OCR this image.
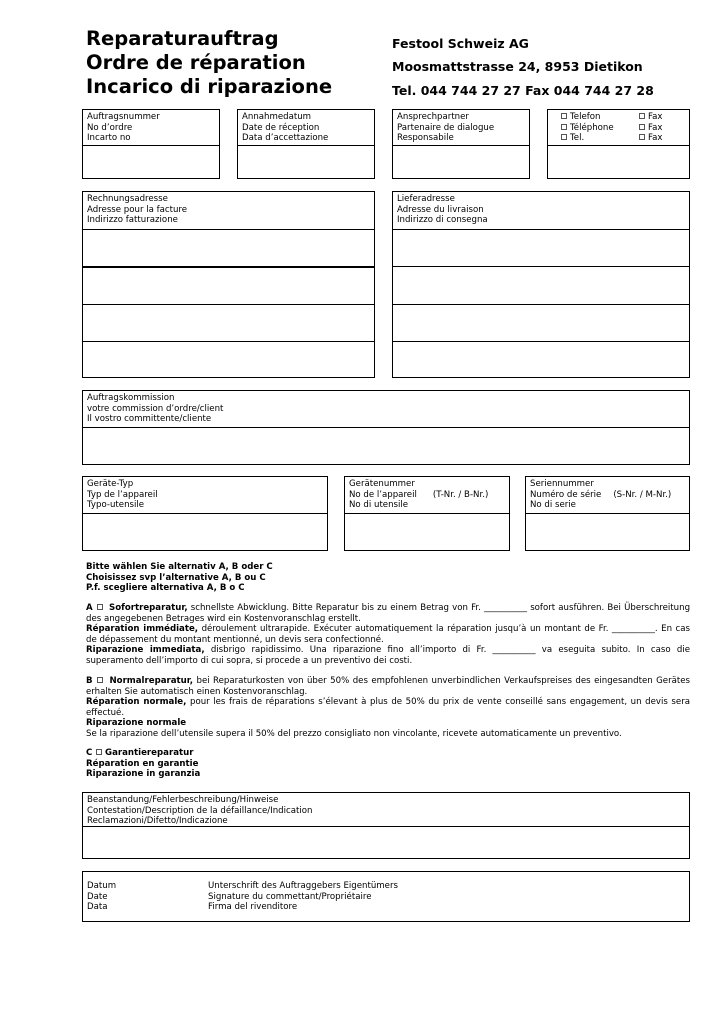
Reparaturauftrag
Ordre de réparation
Incarico di riparazione
Festool Schweiz AG
Moosmattstrasse 24, 8953 Dietikon
Tel. 044 744 27 27 Fax 044 744 27 28
Auftragsnummer
No d’ordre
Incarto no
Annahmedatum
Date de réception
Data d’accettazione
Ansprechpartner
Partenaire de dialogue
Responsabile
Telefon
Téléphone
Tel.
Fax
Fax
Fax
Rechnungsadresse
Adresse pour la facture
Indirizzo fatturazione
Lieferadresse
Adresse du livraison
Indirizzo di consegna
Auftragskommission
votre commission d’ordre/client
Il vostro committente/cliente
Geräte-Typ
Typ de l’appareil
Typo-utensile
Gerätenummer
No de l’appareil (T-Nr. / B-Nr.)
No di utensile
Seriennummer
Numéro de série (S-Nr. / M-Nr.)
No di serie
Bitte wählen Sie alternativ A, B oder C
Choisissez svp l’alternative A, B ou C
P.f. scegliere alternativa A, B o C
A Sofortreparatur, schnellste Abwicklung. Bitte Reparatur bis zu einem Betrag von Fr. __________ sofort ausführen. Bei Überschreitung des angegebenen Betrages wird ein Kostenvoranschlag erstellt.
Réparation immédiate, déroulement ultrarapide. Exécuter automatiquement la réparation jusqu’à un montant de Fr. __________. En cas de dépassement du montant mentionné, un devis sera confectionné.
Riparazione immediata, disbrigo rapidissimo. Una riparazione fino all’importo di Fr. __________ va eseguita subito. In caso die superamento dell’importo di cui sopra, si procede a un preventivo dei costi.
B Normalreparatur, bei Reparaturkosten von über 50% des empfohlenen unverbindlichen Verkaufspreises des eingesandten Gerätes erhalten Sie automatisch einen Kostenvoranschlag.
Réparation normale, pour les frais de réparations s’élevant à plus de 50% du prix de vente conseillé sans engagement, un devis sera effectué.
Riparazione normale
Se la riparazione dell’utensile supera il 50% del prezzo consigliato non vincolante, ricevete automaticamente un preventivo.
C Garantiereparatur
Réparation en garantie
Riparazione in garanzia
Beanstandung/Fehlerbeschreibung/Hinweise
Contestation/Description de la défaillance/Indication
Reclamazioni/Difetto/Indicazione
Datum
Date
Data
Unterschrift des Auftraggebers Eigentümers
Signature du commettant/Propriétaire
Firma del rivenditore
